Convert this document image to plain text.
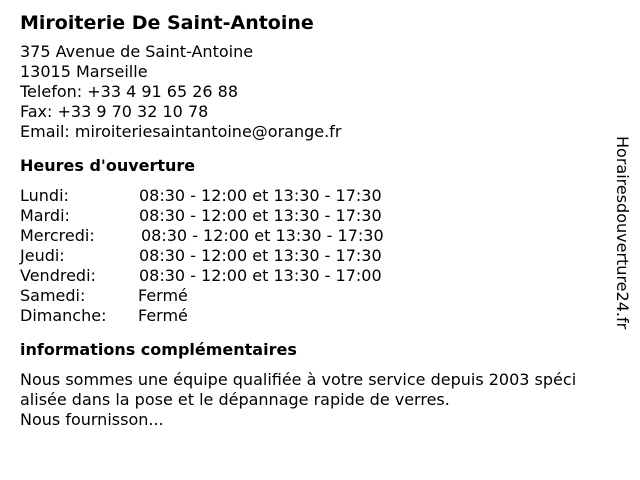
Miroiterie De Saint-Antoine
375 Avenue de Saint-Antoine
13015 Marseille
Telefon: +33 4 91 65 26 88
Fax: +33 9 70 32 10 78
Email: miroiteriesaintantoine@orange.fr
Heures d'ouverture
Lundi:	08:30 - 12:00 et 13:30 - 17:30
Mardi:	08:30 - 12:00 et 13:30 - 17:30
Mercredi:	08:30 - 12:00 et 13:30 - 17:30
Jeudi:	08:30 - 12:00 et 13:30 - 17:30
Vendredi:	08:30 - 12:00 et 13:30 - 17:00
Samedi:	Fermé
Dimanche: Fermé
informations complémentaires
Nous sommes une équipe qualifiée à votre service depuis 2003 spéci
alisée dans la pose et le dépannage rapide de verres.
Nous fournisson...
Horairesdouverture24.fr
